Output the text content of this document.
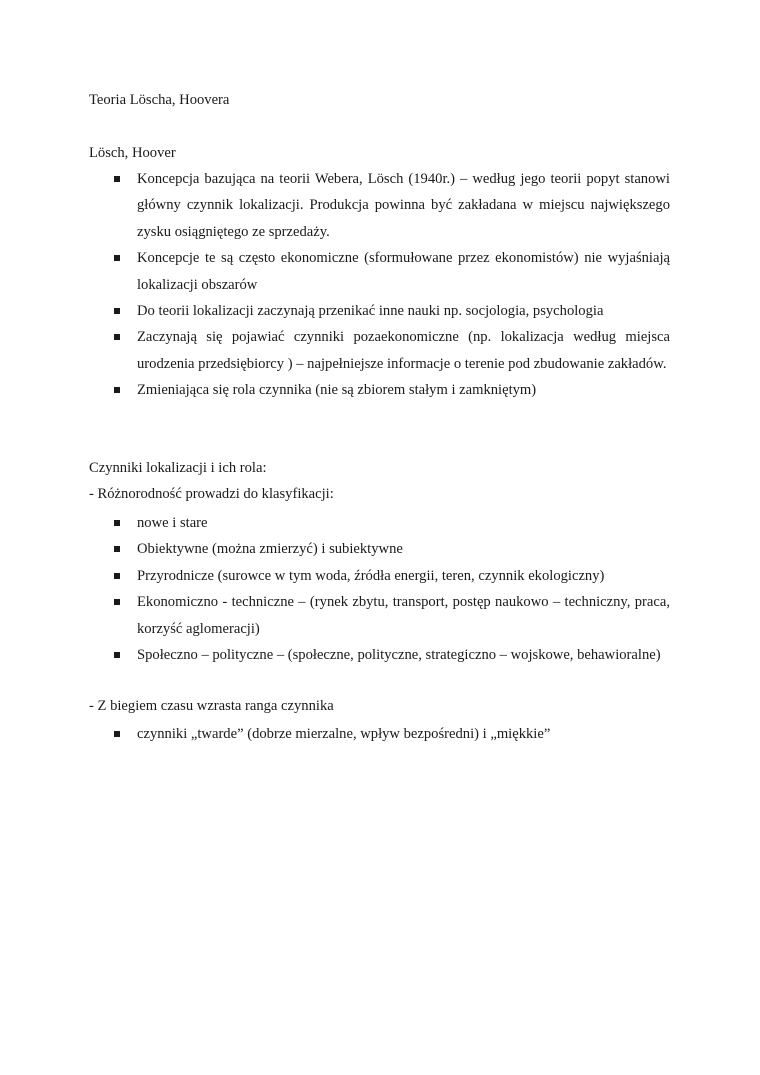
Teoria Löscha, Hoovera
Lösch, Hoover
Koncepcja bazująca na teorii Webera, Lösch (1940r.) – według jego teorii popyt stanowi główny czynnik lokalizacji. Produkcja powinna być zakładana w miejscu największego zysku osiągniętego ze sprzedaży.
Koncepcje te są często ekonomiczne (sformułowane przez ekonomistów) nie wyjaśniają lokalizacji obszarów
Do teorii lokalizacji zaczynają przenikać inne nauki np. socjologia, psychologia
Zaczynają się pojawiać czynniki pozaekonomiczne (np. lokalizacja według miejsca urodzenia przedsiębiorcy ) – najpełniejsze informacje o terenie pod zbudowanie zakładów.
Zmieniająca się rola czynnika (nie są zbiorem stałym i zamkniętym)
Czynniki lokalizacji i ich rola:
- Różnorodność prowadzi do klasyfikacji:
nowe i stare
Obiektywne (można zmierzyć) i subiektywne
Przyrodnicze (surowce w tym woda, źródła energii, teren, czynnik ekologiczny)
Ekonomiczno - techniczne – (rynek zbytu, transport, postęp naukowo – techniczny, praca, korzyść aglomeracji)
Społeczno – polityczne – (społeczne, polityczne, strategiczno – wojskowe, behawioralne)
- Z biegiem czasu wzrasta ranga czynnika
czynniki „twarde” (dobrze mierzalne, wpływ bezpośredni) i „miękkie”
